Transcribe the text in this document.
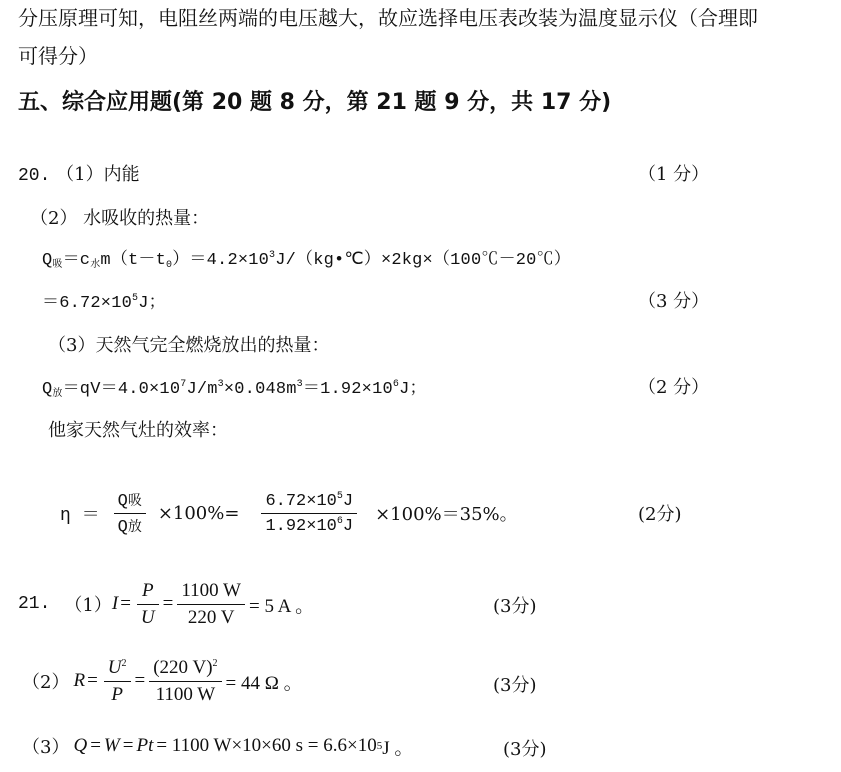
分压原理可知，电阻丝两端的电压越大，故应选择电压表改装为温度显示仪（合理即
可得分）
五、综合应用题(第 20 题 8 分，第 21 题 9 分，共 17 分)
20. （1）内能	（1 分）
（2） 水吸收的热量：
$Q_吸=c_水m(t-t_0)=4.2\times 10^3J/(kg•℃)\times 2kg\times(100℃-20℃)$
$=6.72\times 10^5J$；	（3 分）
（3）天然气完全燃烧放出的热量：
$Q_放=qV=4.0\times 10^7J/m^3\times 0.048m^3=1.92\times 10^6J$；	（2 分）
他家天然气灶的效率：
$\eta = \frac{\text{Q吸}}{\text{Q放}} \times 100\%= \frac{6.72\times 10^5J}{1.92\times 10^6J} \times 100\%=35\%$。	(2分)
21. （1） $I = \frac{P}{U} = \frac{1100 W}{220 V} = 5$ A 。	(3分)
（2） $R = \frac{U^2}{P} = \frac{(220 V)^2}{1100 W} = 44$ Ω 。	(3分)
（3） Q = W = P t = 1100 W×10×60 s = 6.6×10 5 J 。	(3分)
